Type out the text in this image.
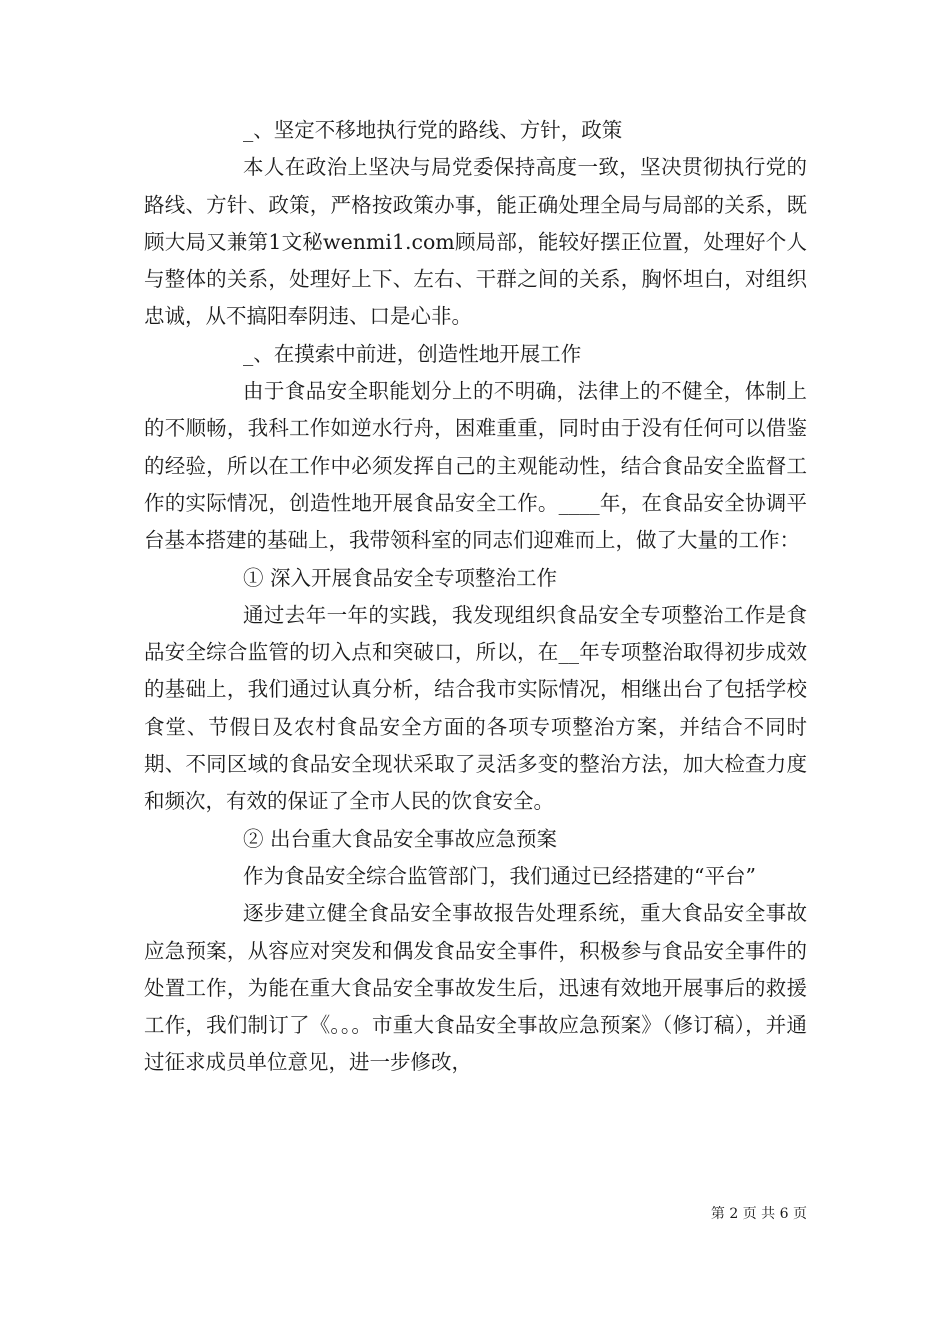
_、坚定不移地执行党的路线、方针，政策

本人在政治上坚决与局党委保持高度一致，坚决贯彻执行党的路线、方针、政策，严格按政策办事，能正确处理全局与局部的关系，既顾大局又兼第1文秘wenmi1.com顾局部，能较好摆正位置，处理好个人与整体的关系，处理好上下、左右、干群之间的关系，胸怀坦白，对组织忠诚，从不搞阳奉阴违、口是心非。

_、在摸索中前进，创造性地开展工作

由于食品安全职能划分上的不明确，法律上的不健全，体制上的不顺畅，我科工作如逆水行舟，困难重重，同时由于没有任何可以借鉴的经验，所以在工作中必须发挥自己的主观能动性，结合食品安全监督工作的实际情况，创造性地开展食品安全工作。____年，在食品安全协调平台基本搭建的基础上，我带领科室的同志们迎难而上，做了大量的工作：

① 深入开展食品安全专项整治工作

通过去年一年的实践，我发现组织食品安全专项整治工作是食品安全综合监管的切入点和突破口，所以，在__年专项整治取得初步成效的基础上，我们通过认真分析，结合我市实际情况，相继出台了包括学校食堂、节假日及农村食品安全方面的各项专项整治方案，并结合不同时期、不同区域的食品安全现状采取了灵活多变的整治方法，加大检查力度和频次，有效的保证了全市人民的饮食安全。

② 出台重大食品安全事故应急预案

作为食品安全综合监管部门，我们通过已经搭建的“平台”

逐步建立健全食品安全事故报告处理系统，重大食品安全事故应急预案，从容应对突发和偶发食品安全事件，积极参与食品安全事件的处置工作，为能在重大食品安全事故发生后，迅速有效地开展事后的救援工作，我们制订了《。。。市重大食品安全事故应急预案》（修订稿），并通过征求成员单位意见，进一步修改，

第 2 页 共 6 页
